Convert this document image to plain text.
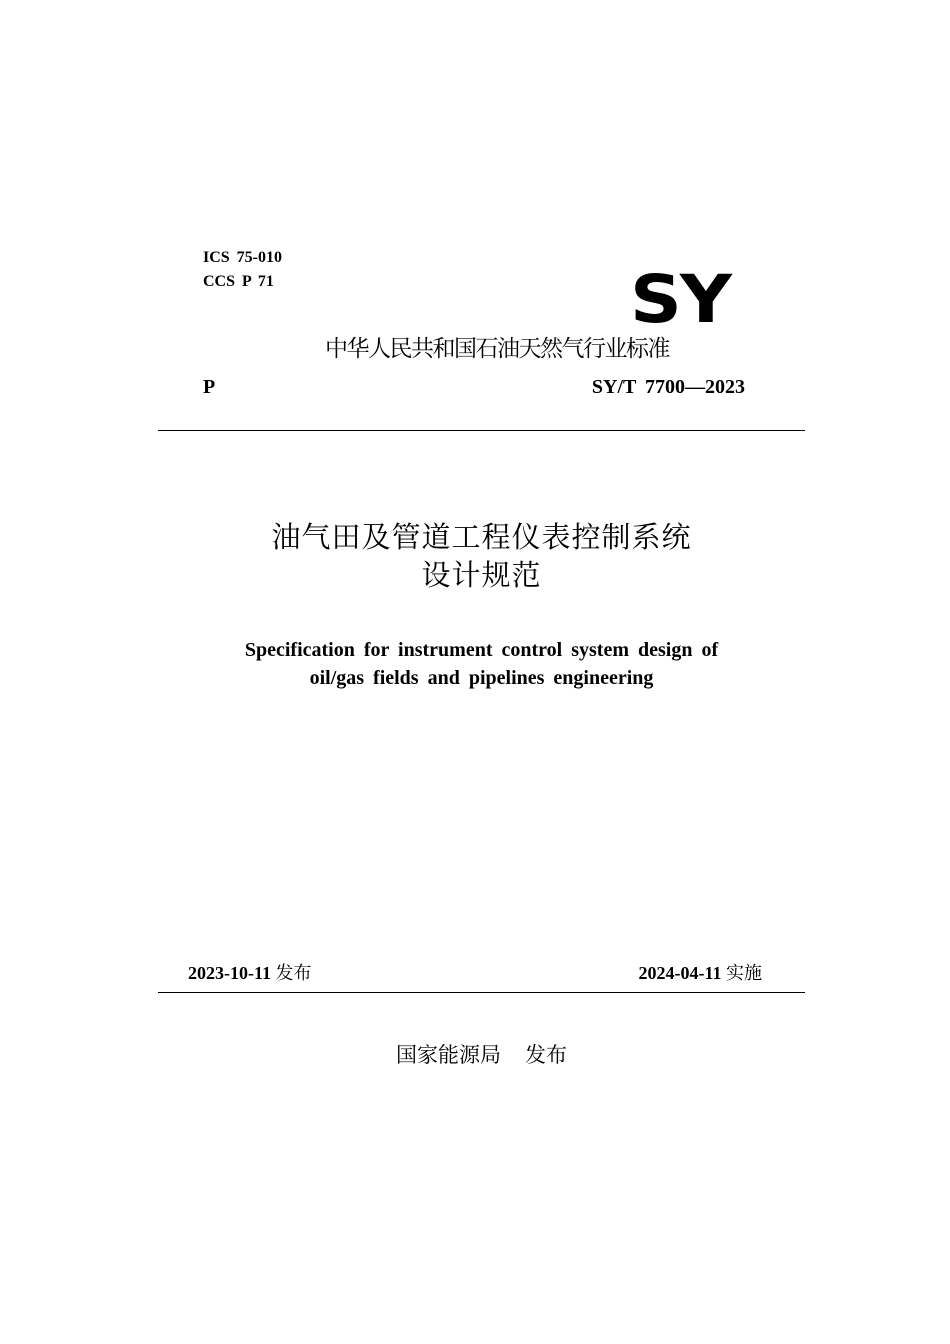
ICS 75-010
CCS P 71	SY
中华人民共和国石油天然气行业标准
P	SY/T 7700—2023
油气田及管道工程仪表控制系统
设计规范
Specification for instrument control system design of
oil/gas fields and pipelines engineering
2023-10-11 发布	2024-04-11 实施
国家能源局 发布
